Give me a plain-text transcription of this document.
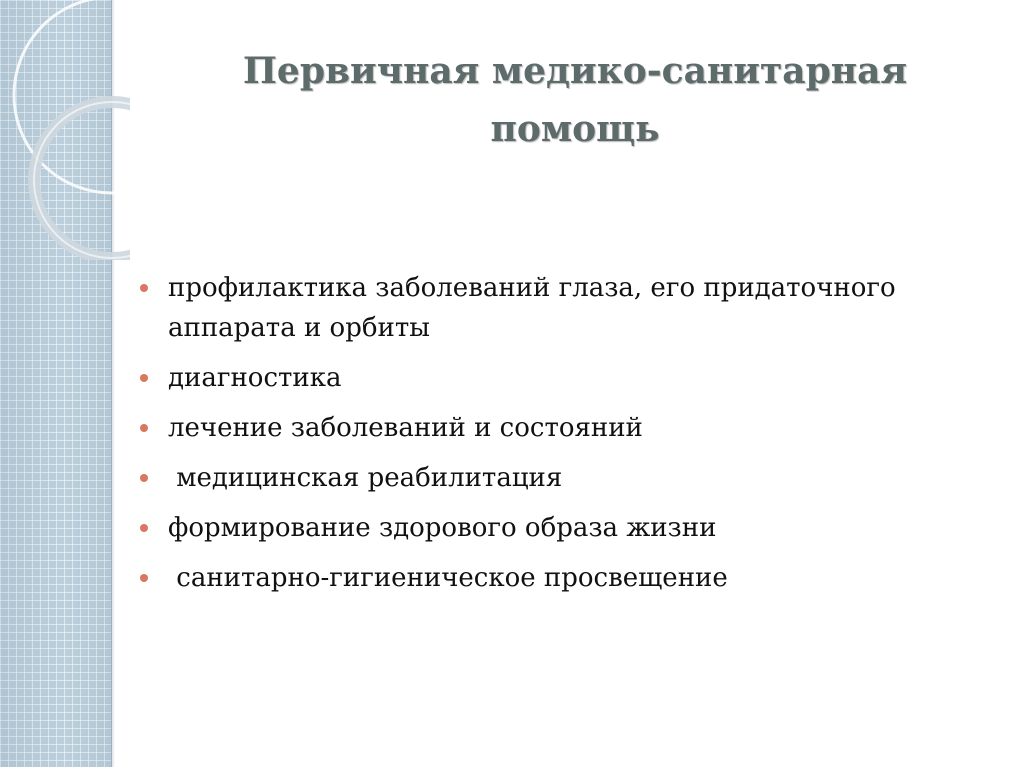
Первичная медико-санитарная
помощь
профилактика заболеваний глаза, его придаточного аппарата и орбиты
диагностика
лечение заболеваний и состояний
медицинская реабилитация
формирование здорового образа жизни
санитарно-гигиеническое просвещение
